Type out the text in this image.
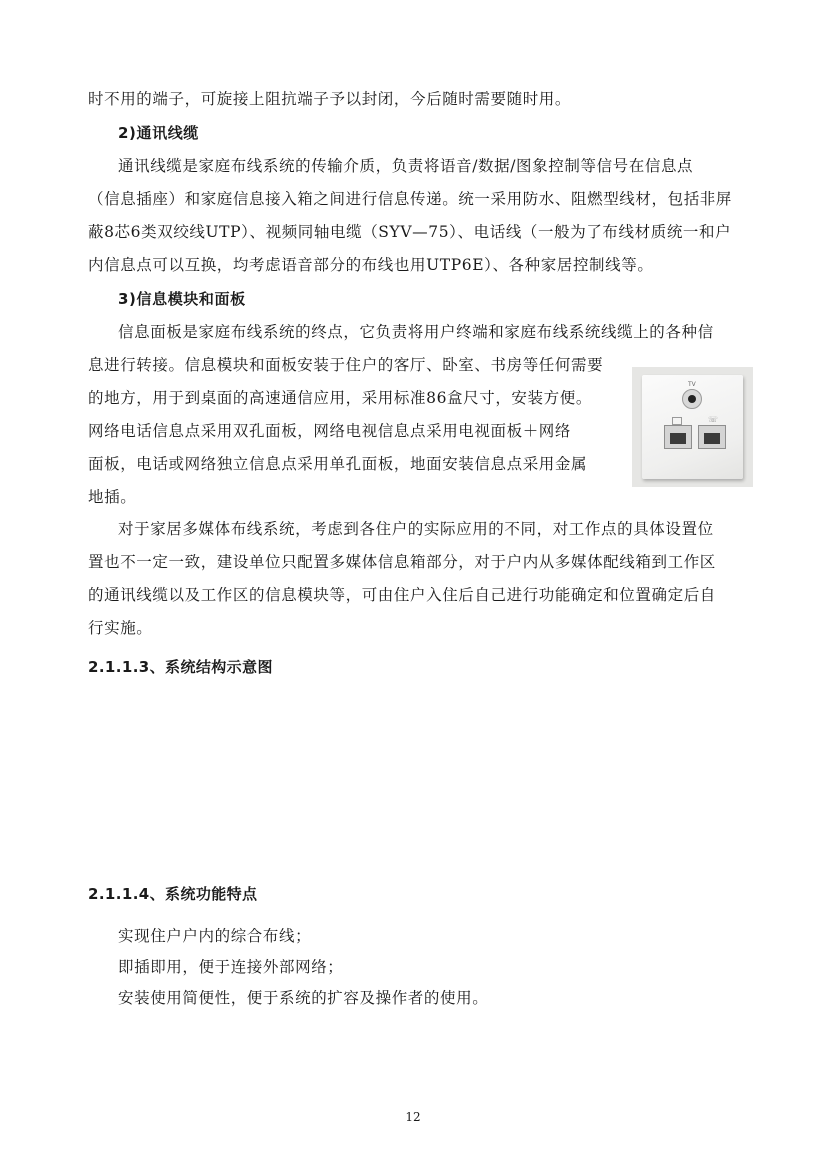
时不用的端子，可旋接上阻抗端子予以封闭，今后随时需要随时用。
2)通讯线缆
通讯线缆是家庭布线系统的传输介质，负责将语音/数据/图象控制等信号在信息点
（信息插座）和家庭信息接入箱之间进行信息传递。统一采用防水、阻燃型线材，包括非屏
蔽8芯6类双绞线UTP）、视频同轴电缆（SYV—75）、电话线（一般为了布线材质统一和户
内信息点可以互换，均考虑语音部分的布线也用UTP6E）、各种家居控制线等。
3)信息模块和面板
信息面板是家庭布线系统的终点，它负责将用户终端和家庭布线系统线缆上的各种信
息进行转接。信息模块和面板安装于住户的客厅、卧室、书房等任何需要
的地方，用于到桌面的高速通信应用，采用标准86盒尺寸，安装方便。
网络电话信息点采用双孔面板，网络电视信息点采用电视面板＋网络
面板，电话或网络独立信息点采用单孔面板，地面安装信息点采用金属
地插。
TV
☏
对于家居多媒体布线系统，考虑到各住户的实际应用的不同，对工作点的具体设置位
置也不一定一致，建设单位只配置多媒体信息箱部分，对于户内从多媒体配线箱到工作区
的通讯线缆以及工作区的信息模块等，可由住户入住后自己进行功能确定和位置确定后自
行实施。
2.1.1.3、系统结构示意图
2.1.1.4、系统功能特点
实现住户户内的综合布线；
即插即用，便于连接外部网络；
安装使用简便性，便于系统的扩容及操作者的使用。
12
